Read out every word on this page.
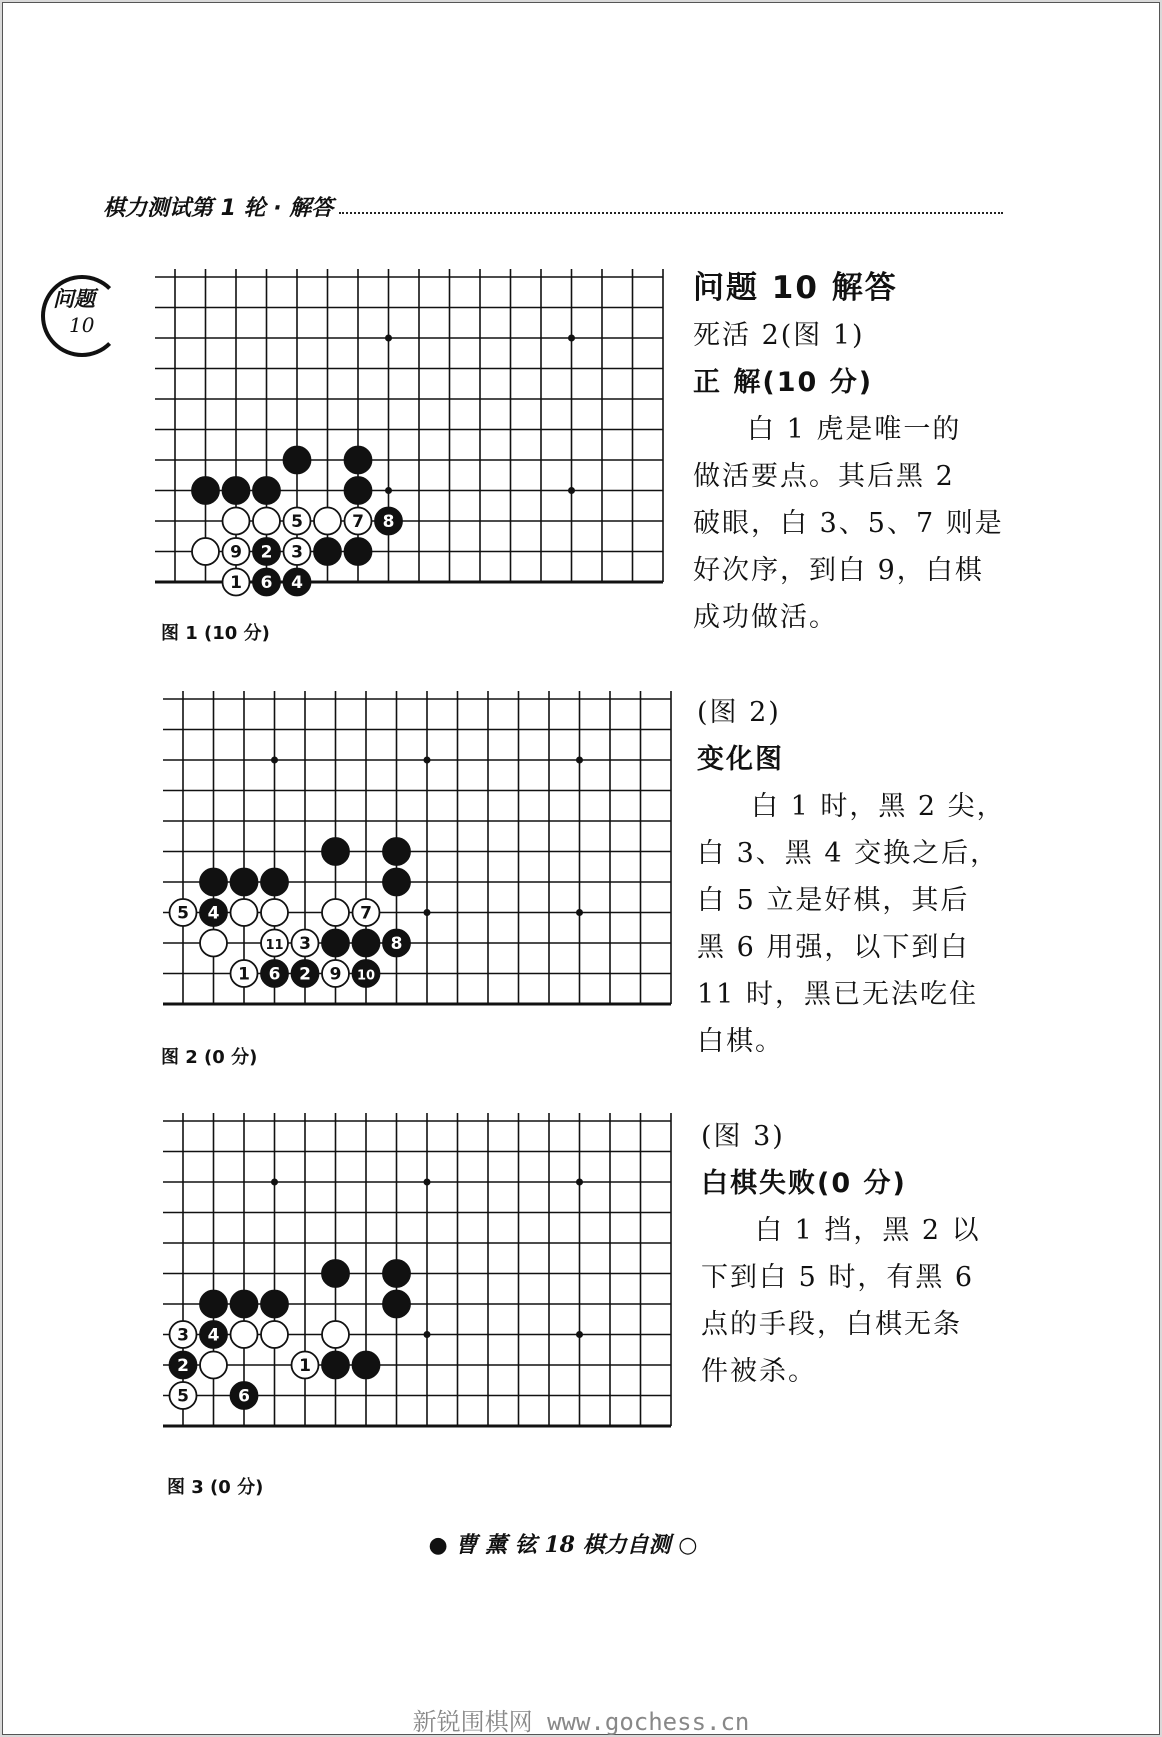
棋力测试第 1 轮 · 解答
问题
10
5	7 8
9 2 3
1 6 4
图 1 (10 分)
问题 10 解答
死活 2(图 1)
正 解(10 分)
白 1 虎是唯一的
做活要点。其后黑 2
破眼，白 3、5、7 则是
好次序，到白 9，白棋
成功做活。
5 4	7
11 3	8
1 6 2 9 10
图 2 (0 分)
(图 2)
变化图
白 1 时，黑 2 尖，
白 3、黑 4 交换之后，
白 5 立是好棋，其后
黑 6 用强，以下到白
11 时，黑已无法吃住
白棋。
3 4
2	1
5	6
图 3 (0 分)
(图 3)
白棋失败(0 分)
白 1 挡，黑 2 以
下到白 5 时，有黑 6
点的手段，白棋无条
件被杀。
● 曹 薰 铉 18 棋力自测 ○
新锐围棋网 www.gochess.cn
